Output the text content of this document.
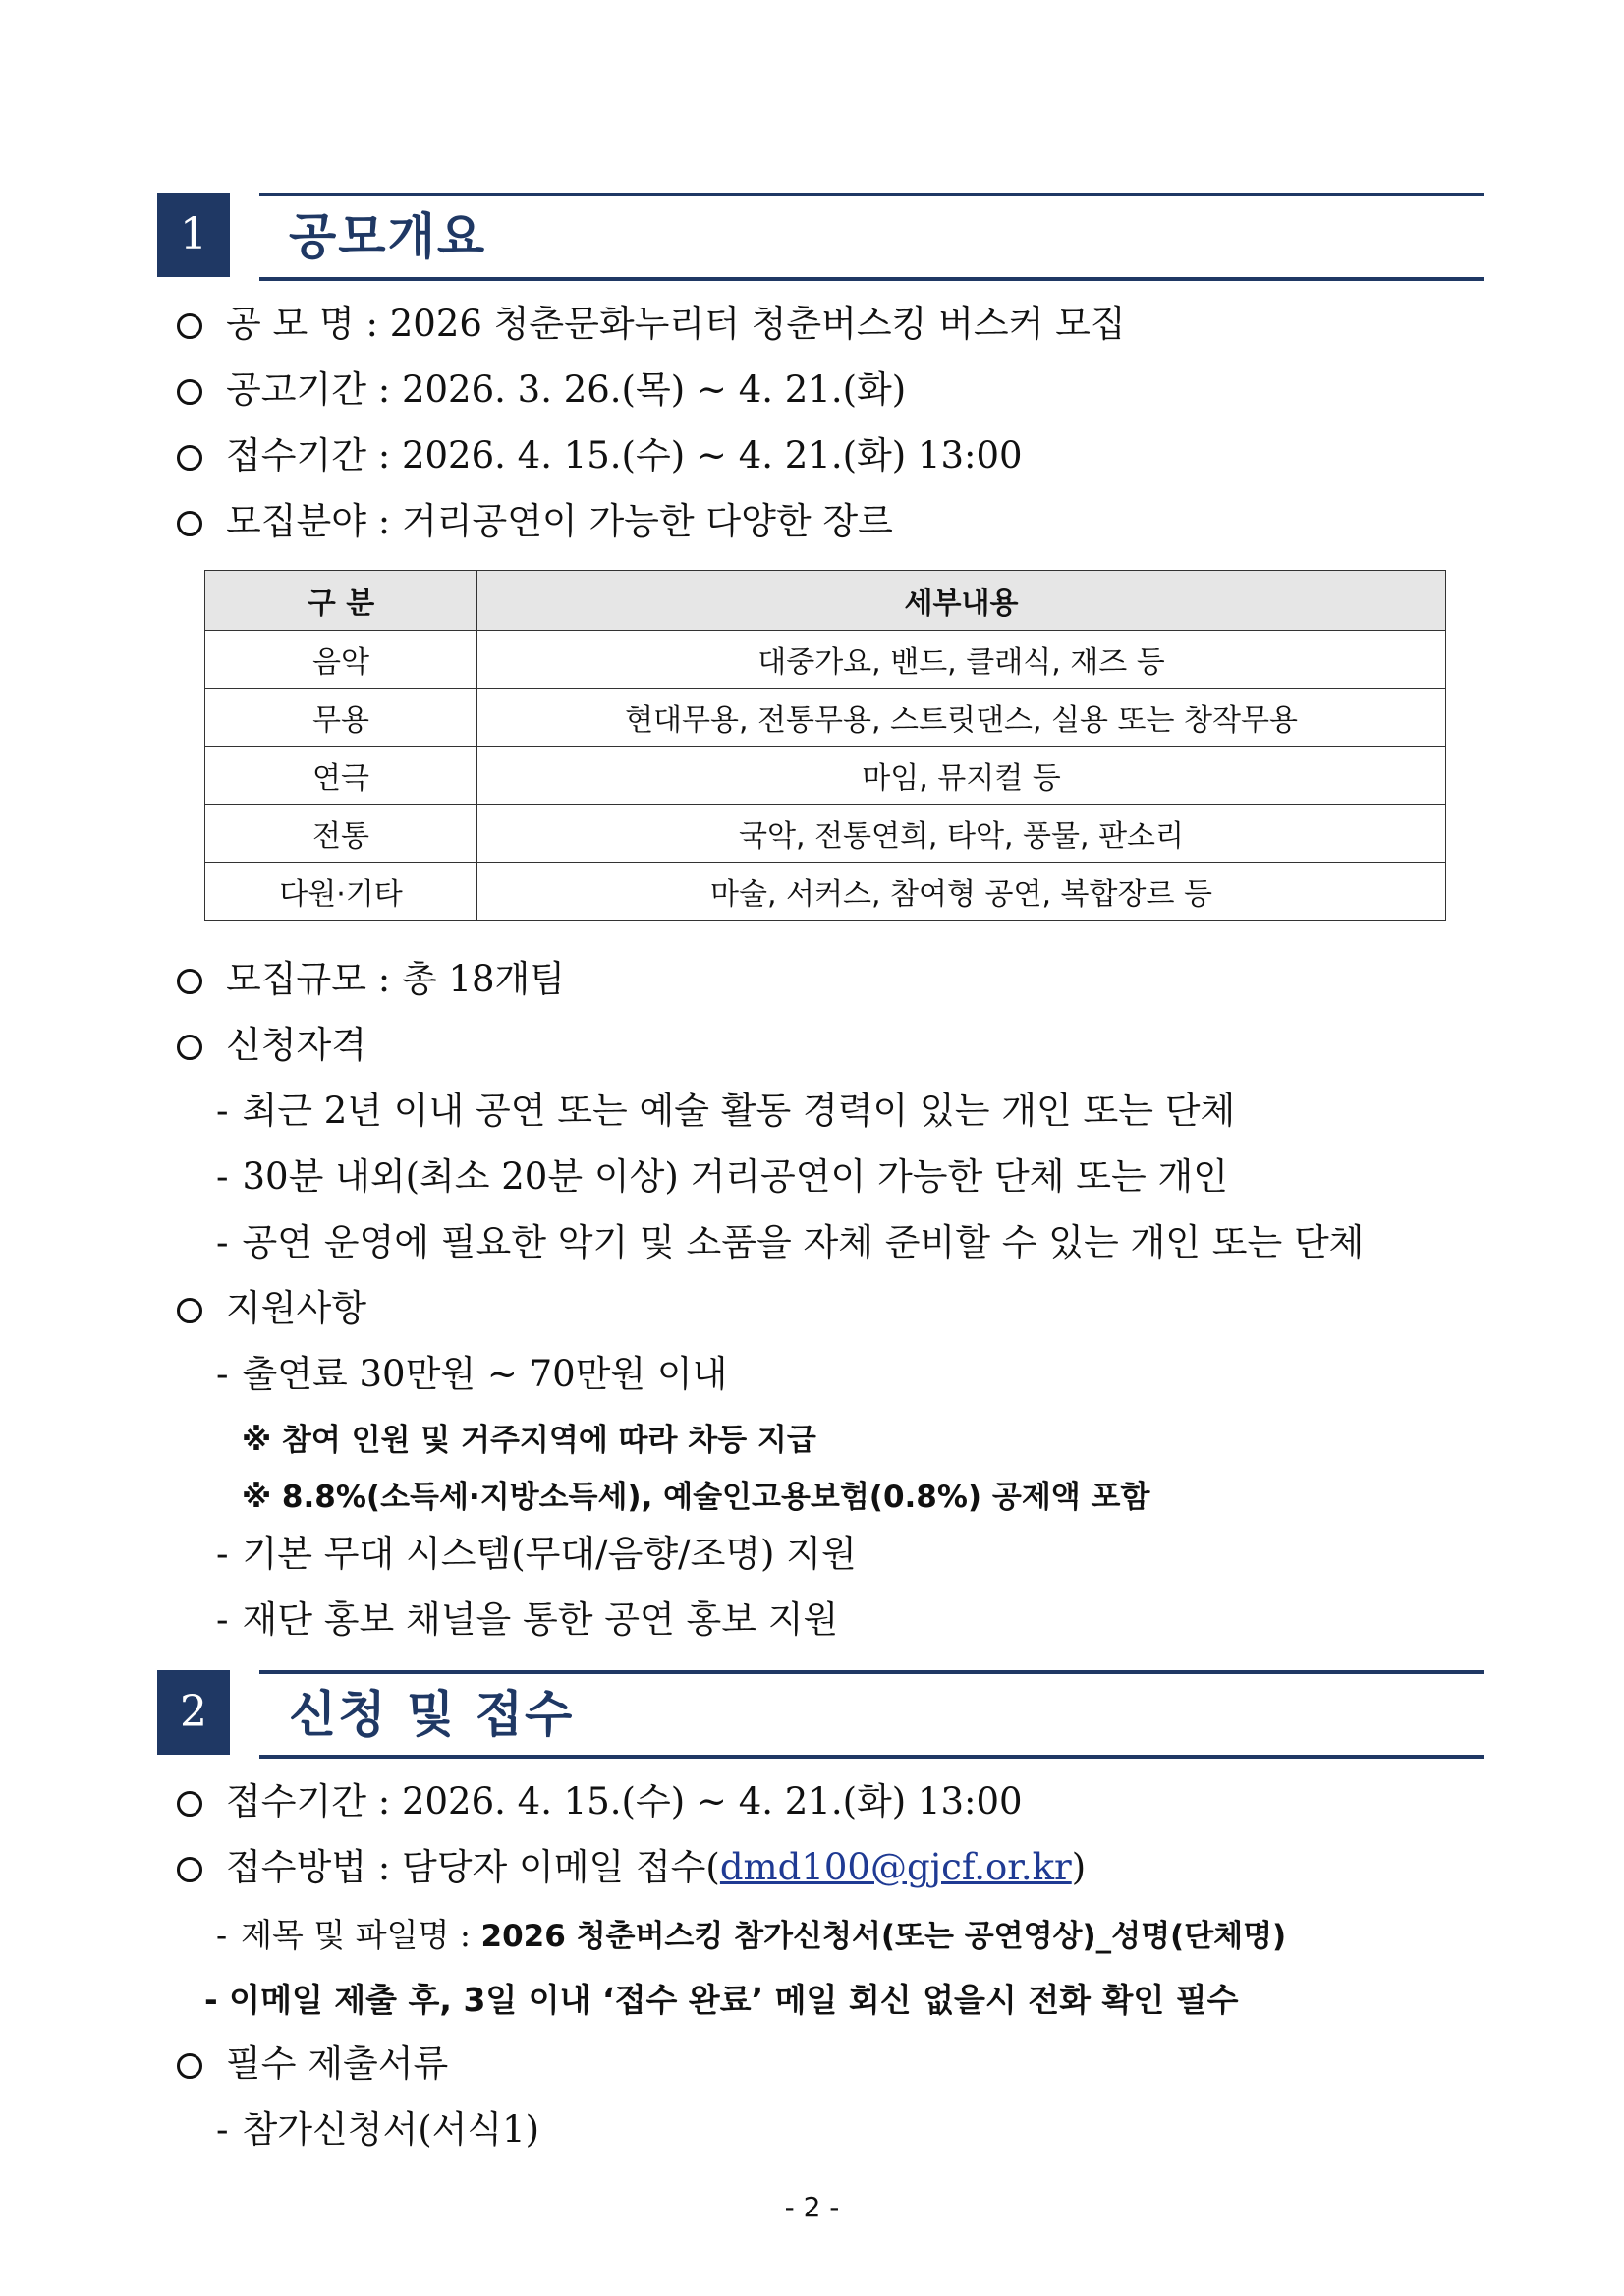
1	공모개요
공 모 명 : 2026 청춘문화누리터 청춘버스킹 버스커 모집
공고기간 : 2026. 3. 26.(목) ~ 4. 21.(화)
접수기간 : 2026. 4. 15.(수) ~ 4. 21.(화) 13:00
모집분야 : 거리공연이 가능한 다양한 장르
구 분	세부내용
음악	대중가요, 밴드, 클래식, 재즈 등
무용	현대무용, 전통무용, 스트릿댄스, 실용 또는 창작무용
연극	마임, 뮤지컬 등
전통	국악, 전통연희, 타악, 풍물, 판소리
다원·기타	마술, 서커스, 참여형 공연, 복합장르 등
모집규모 : 총 18개팀
신청자격
- 최근 2년 이내 공연 또는 예술 활동 경력이 있는 개인 또는 단체
- 30분 내외(최소 20분 이상) 거리공연이 가능한 단체 또는 개인
- 공연 운영에 필요한 악기 및 소품을 자체 준비할 수 있는 개인 또는 단체
지원사항
- 출연료 30만원 ~ 70만원 이내
※ 참여 인원 및 거주지역에 따라 차등 지급
※ 8.8%(소득세·지방소득세), 예술인고용보험(0.8%) 공제액 포함
- 기본 무대 시스템(무대/음향/조명) 지원
- 재단 홍보 채널을 통한 공연 홍보 지원
2	신청 및 접수
접수기간 : 2026. 4. 15.(수) ~ 4. 21.(화) 13:00
접수방법 : 담당자 이메일 접수(dmd100@gjcf.or.kr)
- 제목 및 파일명 : 2026 청춘버스킹 참가신청서(또는 공연영상)_성명(단체명)
- 이메일 제출 후, 3일 이내 ‘접수 완료’ 메일 회신 없을시 전화 확인 필수
필수 제출서류
- 참가신청서(서식1)
- 2 -
